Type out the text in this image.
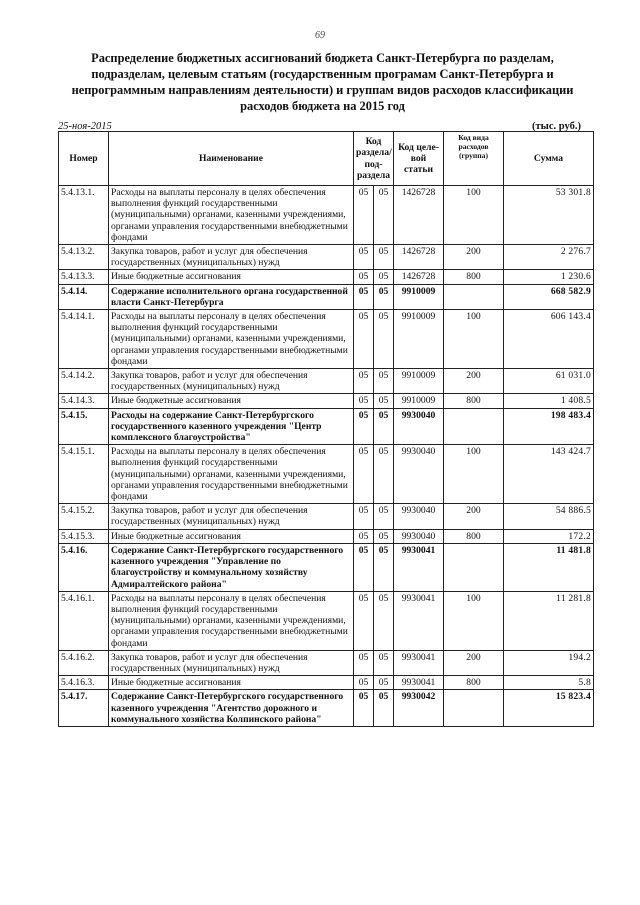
69
Распределение бюджетных ассигнований бюджета Санкт-Петербурга по разделам, подразделам, целевым статьям (государственным програмам Санкт-Петербурга и непрограммным направлениям деятельности) и группам видов расходов классификации расходов бюджета на 2015 год
25-ноя-2015	(тыс. руб.)
Номер	Наименование	Код раздела/ под- раздела		Код целе- вой статьи	Код вида расходов (группа)	Сумма
5.4.13.1.	Расходы на выплаты персоналу в целях обеспечения выполнения функций государственными (муниципальными) органами, казенными учреждениями, органами управления государственными внебюджетными фондами	05	05	1426728	100	53 301.8
5.4.13.2.	Закупка товаров, работ и услуг для обеспечения государственных (муниципальных) нужд	05	05	1426728	200	2 276.7
5.4.13.3.	Иные бюджетные ассигнования	05	05	1426728	800	1 230.6
5.4.14.	Содержание исполнительного органа государственной власти Санкт-Петербурга	05	05	9910009		668 582.9
5.4.14.1.	Расходы на выплаты персоналу в целях обеспечения выполнения функций государственными (муниципальными) органами, казенными учреждениями, органами управления государственными внебюджетными фондами	05	05	9910009	100	606 143.4
5.4.14.2.	Закупка товаров, работ и услуг для обеспечения государственных (муниципальных) нужд	05	05	9910009	200	61 031.0
5.4.14.3.	Иные бюджетные ассигнования	05	05	9910009	800	1 408.5
5.4.15.	Расходы на содержание Санкт-Петербургского государственного казенного учреждения "Центр комплексного благоустройства"	05	05	9930040		198 483.4
5.4.15.1.	Расходы на выплаты персоналу в целях обеспечения выполнения функций государственными (муниципальными) органами, казенными учреждениями, органами управления государственными внебюджетными фондами	05	05	9930040	100	143 424.7
5.4.15.2.	Закупка товаров, работ и услуг для обеспечения государственных (муниципальных) нужд	05	05	9930040	200	54 886.5
5.4.15.3.	Иные бюджетные ассигнования	05	05	9930040	800	172.2
5.4.16.	Содержание Санкт-Петербургского государственного казенного учреждения "Управление по благоустройству и коммунальному хозяйству Адмиралтейского района"	05	05	9930041		11 481.8
5.4.16.1.	Расходы на выплаты персоналу в целях обеспечения выполнения функций государственными (муниципальными) органами, казенными учреждениями, органами управления государственными внебюджетными фондами	05	05	9930041	100	11 281.8
5.4.16.2.	Закупка товаров, работ и услуг для обеспечения государственных (муниципальных) нужд	05	05	9930041	200	194.2
5.4.16.3.	Иные бюджетные ассигнования	05	05	9930041	800	5.8
5.4.17.	Содержание Санкт-Петербургского государственного казенного учреждения "Агентство дорожного и коммунального хозяйства Колпинского района"	05	05	9930042		15 823.4
